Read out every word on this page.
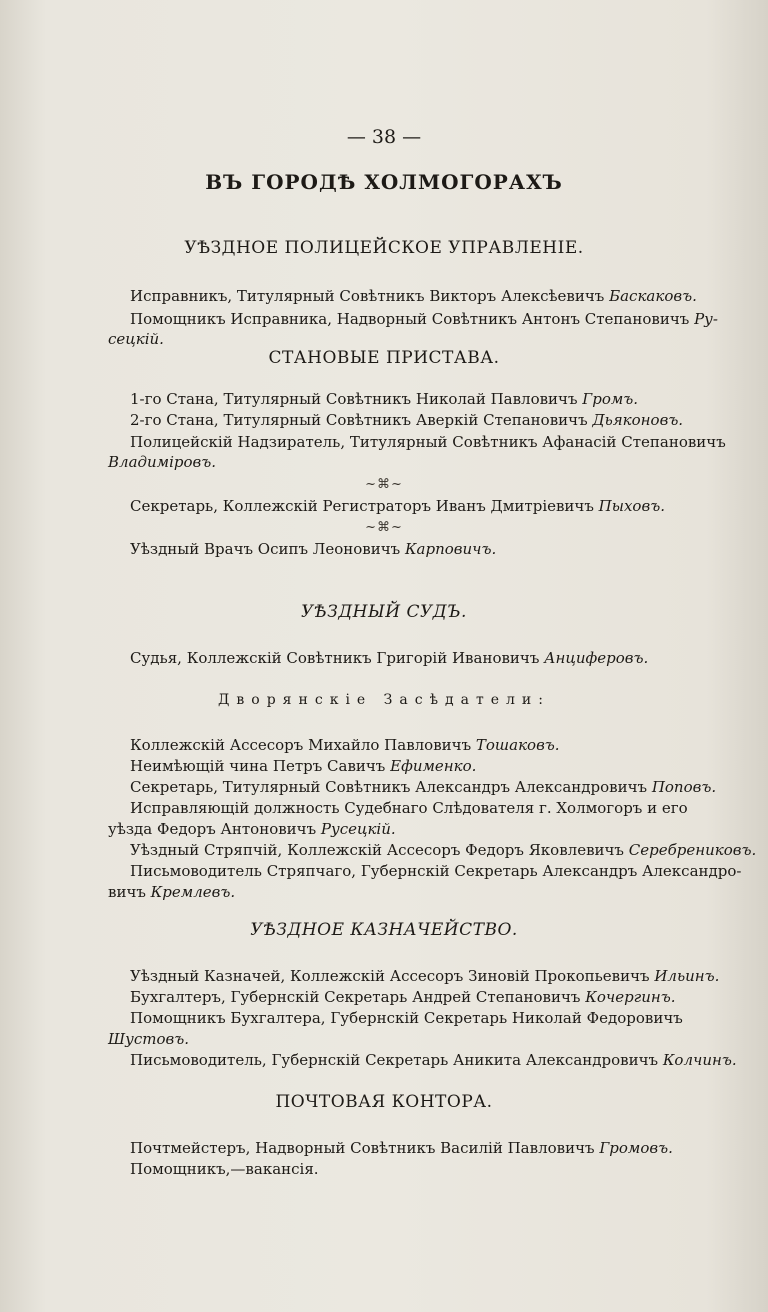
— 38 —
ВЪ ГОРОДѢ ХОЛМОГОРАХЪ
УѢЗДНОЕ ПОЛИЦЕЙСКОЕ УПРАВЛЕНIЕ.
Исправникъ, Титулярный Совѣтникъ Викторъ Алексѣевичъ Баскаковъ.
Помощникъ Исправника, Надворный Совѣтникъ Антонъ Степановичъ Ру-
сецкiй.
СТАНОВЫЕ ПРИСТАВА.
1-го Стана, Титулярный Совѣтникъ Николай Павловичъ Громъ.
2-го Стана, Титулярный Совѣтникъ Аверкiй Степановичъ Дьяконовъ.
Полицейскiй Надзиратель, Титулярный Совѣтникъ Афанасiй Степановичъ
Владимiровъ.
~⌘~
Секретарь, Коллежскiй Регистраторъ Иванъ Дмитрiевичъ Пыховъ.
~⌘~
Уѣздный Врачъ Осипъ Леоновичъ Карповичъ.
УѢЗДНЫЙ СУДЪ.
Судья, Коллежскiй Совѣтникъ Григорiй Ивановичъ Анциферовъ.
Дворянскiе Засѣдатели:
Коллежскiй Ассесоръ Михайло Павловичъ Тошаковъ.
Неимѣющiй чина Петръ Савичъ Ефименко.
Секретарь, Титулярный Совѣтникъ Александръ Александровичъ Поповъ.
Исправляющiй должность Судебнаго Слѣдователя г. Холмогоръ и его
уѣзда Федоръ Антоновичъ Русецкiй.
Уѣздный Стряпчiй, Коллежскiй Ассесоръ Федоръ Яковлевичъ Серебрениковъ.
Письмоводитель Стряпчаго, Губернскiй Секретарь Александръ Александро-
вичъ Кремлевъ.
УѢЗДНОЕ КАЗНАЧЕЙСТВО.
Уѣздный Казначей, Коллежскiй Ассесоръ Зиновiй Прокопьевичъ Ильинъ.
Бухгалтеръ, Губернскiй Секретарь Андрей Степановичъ Кочергинъ.
Помощникъ Бухгалтера, Губернскiй Секретарь Николай Федоровичъ
Шустовъ.
Письмоводитель, Губернскiй Секретарь Аникита Александровичъ Колчинъ.
ПОЧТОВАЯ КОНТОРА.
Почтмейстеръ, Надворный Совѣтникъ Василiй Павловичъ Громовъ.
Помощникъ,—вакансiя.
